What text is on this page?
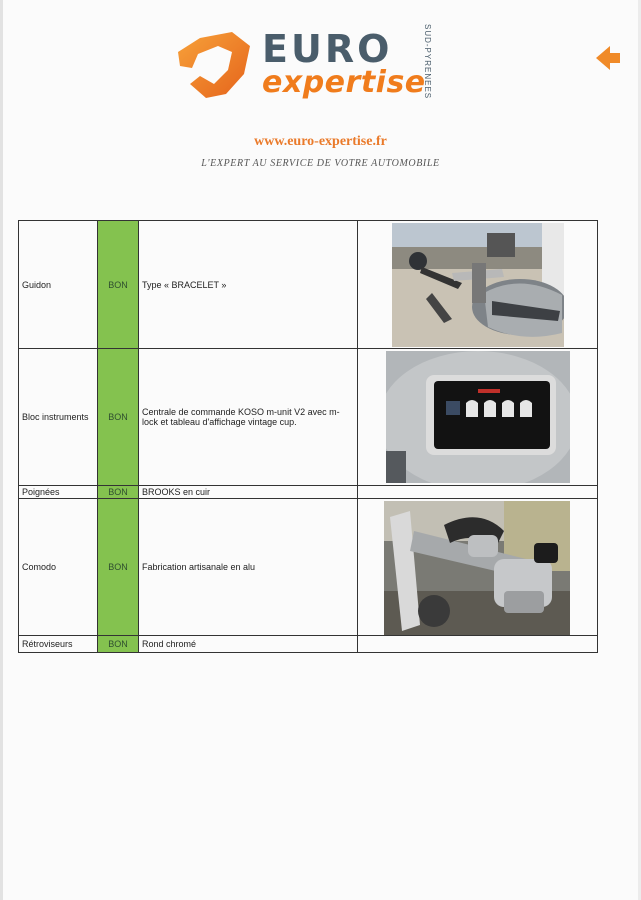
EURO
expertise
SUD-PYRENEES
www.euro-expertise.fr
L'EXPERT AU SERVICE DE VOTRE AUTOMOBILE
Guidon	BON	Type « BRACELET »	

Bloc instruments	BON	Centrale de commande KOSO m-unit V2 avec m-lock et tableau d'affichage vintage cup.	

Poignées	BON	BROOKS en cuir	
Comodo	BON	Fabrication artisanale en alu	

Rétroviseurs	BON	Rond chromé	
